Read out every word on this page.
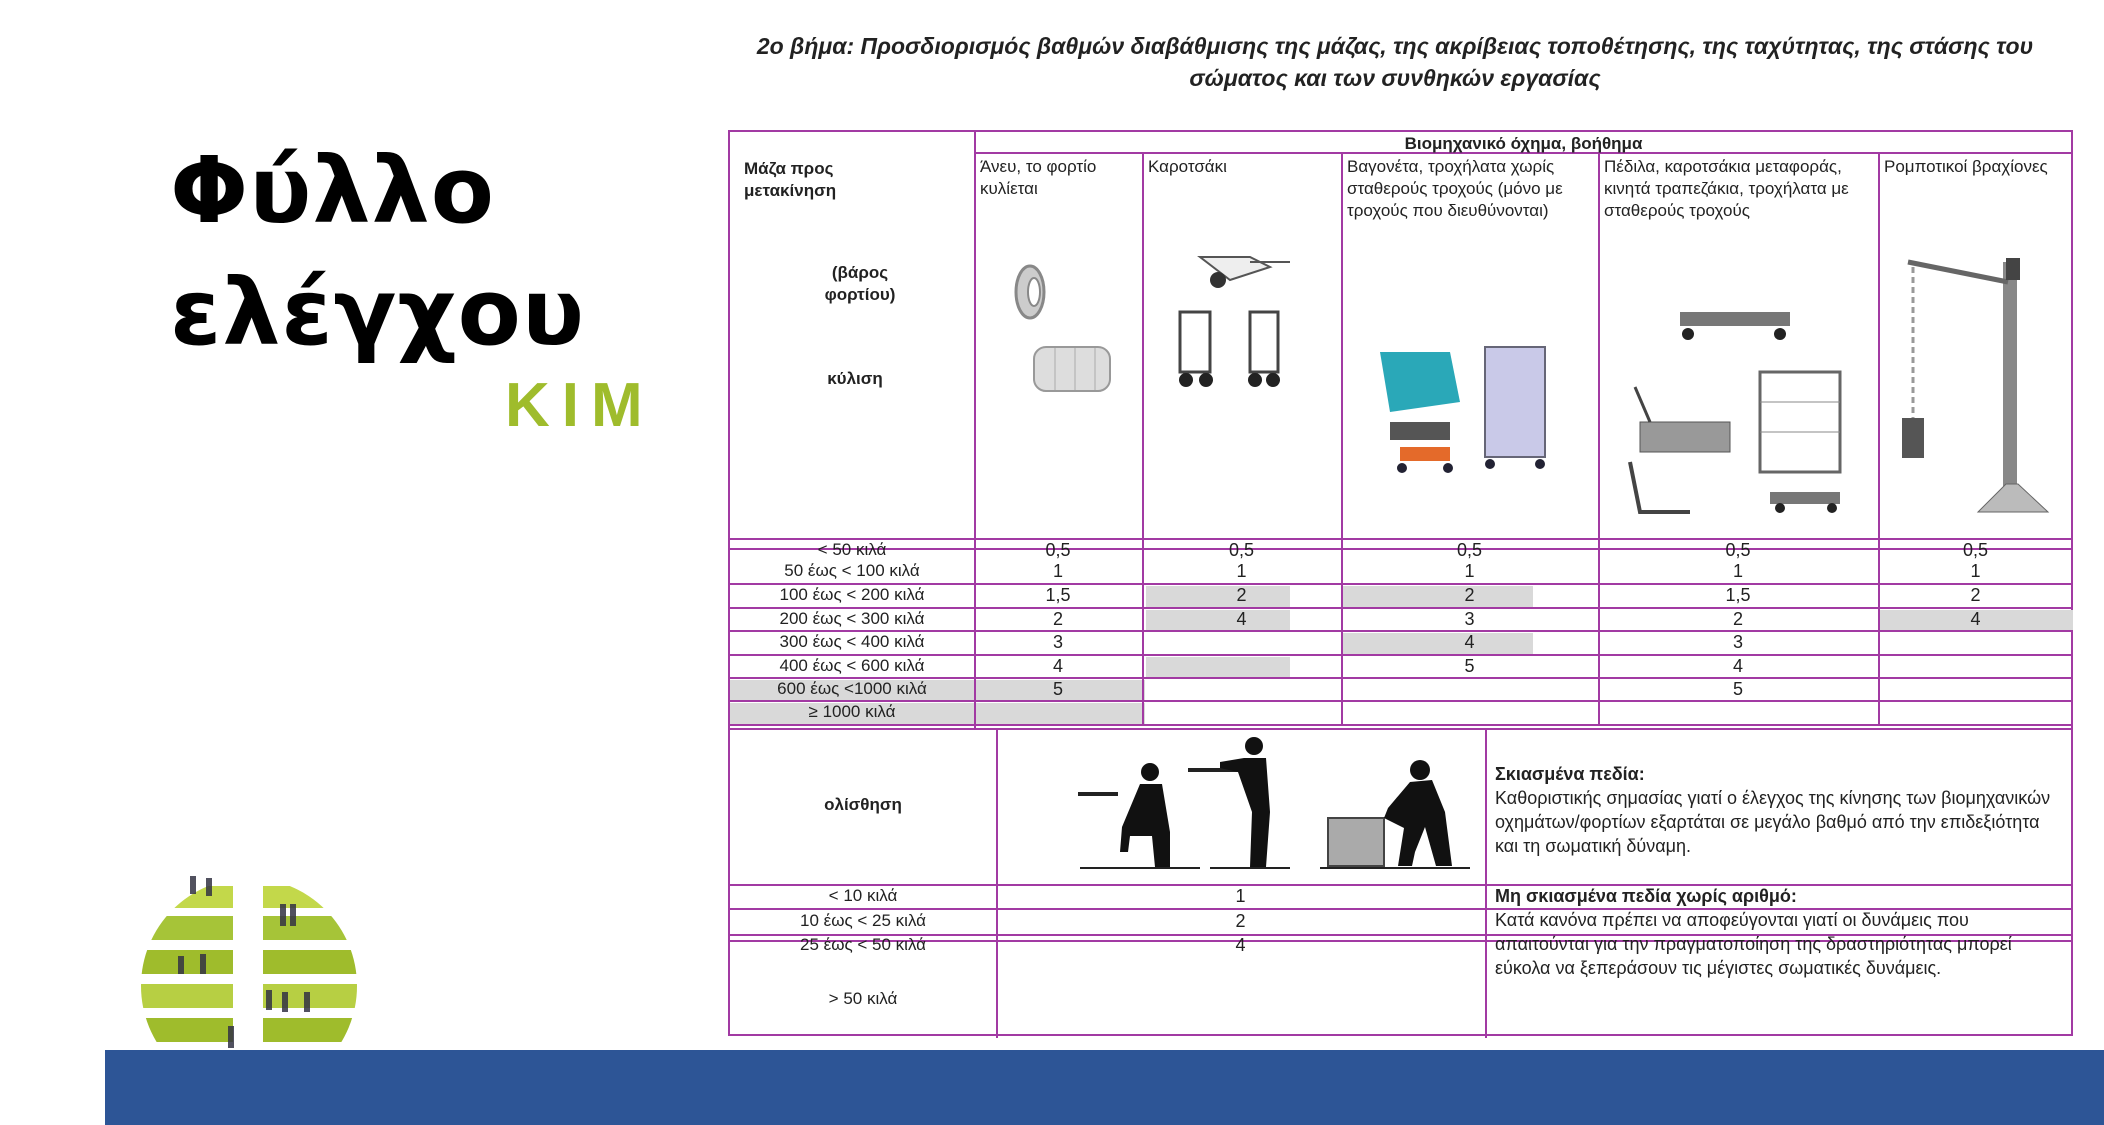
Φύλλο
ελέγχου
ΚΙΜ
2ο βήμα: Προσδιορισμός βαθμών διαβάθμισης της μάζας, της ακρίβειας τοποθέτησης, της ταχύτητας, της στάσης του σώματος και των συνθηκών εργασίας
Μάζα προς μετακίνηση
(βάρος φορτίου)
κύλιση
Βιομηχανικό όχημα, βοήθημα
Άνευ, το φορτίο κυλίεται
Καροτσάκι	Βαγονέτα, τροχήλατα χωρίς σταθερούς τροχούς (μόνο με τροχούς που διευθύνονται)
Πέδιλα, καροτσάκια μεταφοράς, κινητά τραπεζάκια, τροχήλατα με σταθερούς τροχούς
Ρομποτικοί βραχίονες
< 50 κιλά
50 έως < 100 κιλά
100 έως < 200 κιλά
200 έως < 300 κιλά
300 έως < 400 κιλά
400 έως < 600 κιλά
600 έως <1000 κιλά
≥ 1000 κιλά
0,5
1
1,5
2
3
4
5
0,5
1
2
4
0,5
1
2
3
4
5
0,5
1
1,5
2
3
4
5
0,5
1
2
4
ολίσθηση
< 10 κιλά
10 έως < 25 κιλά
25 έως < 50 κιλά
> 50 κιλά
1
2
4
Σκιασμένα πεδία:
Καθοριστικής σημασίας γιατί ο έλεγχος της κίνησης των βιομηχανικών οχημάτων/φορτίων εξαρτάται σε μεγάλο βαθμό από την επιδεξιότητα και τη σωματική δύναμη.
Μη σκιασμένα πεδία χωρίς αριθμό:
Κατά κανόνα πρέπει να αποφεύγονται γιατί οι δυνάμεις που απαιτούνται για την πραγματοποίηση της δραστηριότητας μπορεί εύκολα να ξεπεράσουν τις μέγιστες σωματικές δυνάμεις.
